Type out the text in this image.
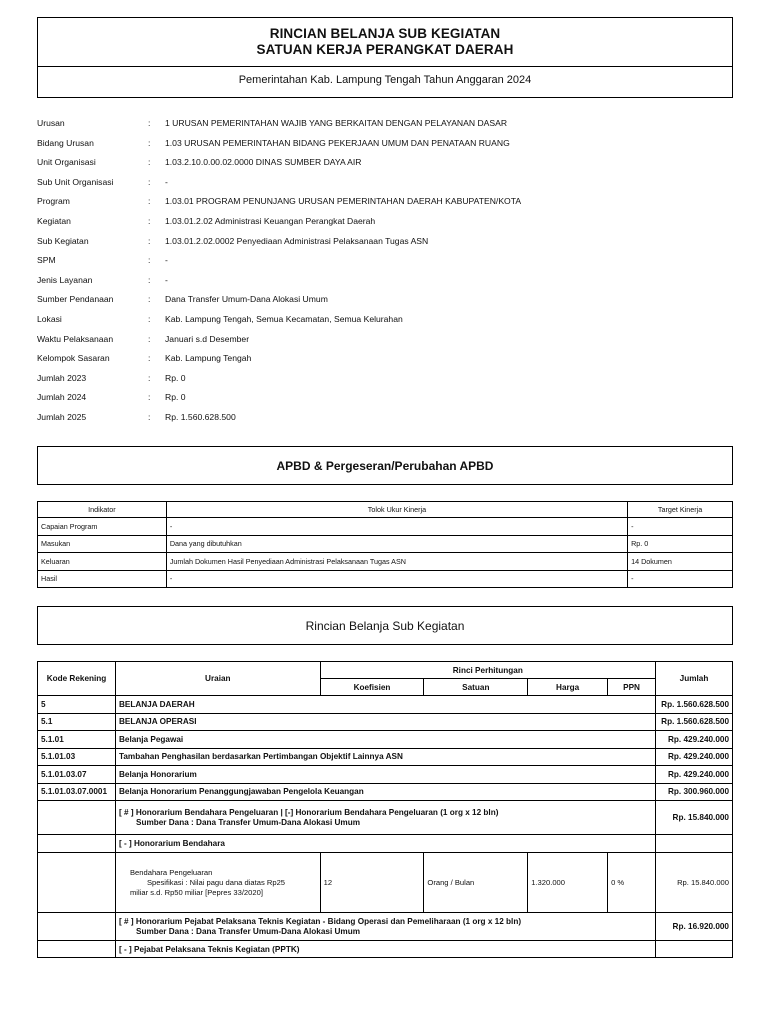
RINCIAN BELANJA SUB KEGIATAN
SATUAN KERJA PERANGKAT DAERAH
Pemerintahan Kab. Lampung Tengah Tahun Anggaran 2024
Urusan	: 1 URUSAN PEMERINTAHAN WAJIB YANG BERKAITAN DENGAN PELAYANAN DASAR
Bidang Urusan	: 1.03 URUSAN PEMERINTAHAN BIDANG PEKERJAAN UMUM DAN PENATAAN RUANG
Unit Organisasi	: 1.03.2.10.0.00.02.0000 DINAS SUMBER DAYA AIR
Sub Unit Organisasi	: -
Program	: 1.03.01 PROGRAM PENUNJANG URUSAN PEMERINTAHAN DAERAH KABUPATEN/KOTA
Kegiatan	: 1.03.01.2.02 Administrasi Keuangan Perangkat Daerah
Sub Kegiatan	: 1.03.01.2.02.0002 Penyediaan Administrasi Pelaksanaan Tugas ASN
SPM	: -
Jenis Layanan	: -
Sumber Pendanaan	: Dana Transfer Umum-Dana Alokasi Umum
Lokasi	: Kab. Lampung Tengah, Semua Kecamatan, Semua Kelurahan
Waktu Pelaksanaan	: Januari s.d Desember
Kelompok Sasaran	: Kab. Lampung Tengah
Jumlah 2023	: Rp. 0
Jumlah 2024	: Rp. 0
Jumlah 2025	: Rp. 1.560.628.500
APBD & Pergeseran/Perubahan APBD
Indikator	Tolok Ukur Kinerja	Target Kinerja
Capaian Program	-	-
Masukan	Dana yang dibutuhkan	Rp. 0
Keluaran	Jumlah Dokumen Hasil Penyediaan Administrasi Pelaksanaan Tugas ASN	14 Dokumen
Hasil	-	-
Rincian Belanja Sub Kegiatan
Kode Rekening	Uraian	Rinci Perhitungan				Jumlah
		Koefisien	Satuan	Harga	PPN	
5	BELANJA DAERAH					Rp. 1.560.628.500
5.1	BELANJA OPERASI					Rp. 1.560.628.500
5.1.01	Belanja Pegawai					Rp. 429.240.000
5.1.01.03	Tambahan Penghasilan berdasarkan Pertimbangan Objektif Lainnya ASN					Rp. 429.240.000
5.1.01.03.07	Belanja Honorarium					Rp. 429.240.000
5.1.01.03.07.0001	Belanja Honorarium Penanggungjawaban Pengelola Keuangan					Rp. 300.960.000
	[ # ] Honorarium Bendahara Pengeluaran | [-] Honorarium Bendahara Pengeluaran (1 org x 12 bln)
Sumber Dana : Dana Transfer Umum-Dana Alokasi Umum					Rp. 15.840.000
	[ - ] Honorarium Bendahara					
	Bendahara Pengeluaran
Spesifikasi : Nilai pagu dana diatas Rp25
miliar s.d. Rp50 miliar [Pepres 33/2020]	12	Orang / Bulan	1.320.000	0 %	Rp. 15.840.000
	[ # ] Honorarium Pejabat Pelaksana Teknis Kegiatan - Bidang Operasi dan Pemeliharaan (1 org x 12 bln)
Sumber Dana : Dana Transfer Umum-Dana Alokasi Umum					Rp. 16.920.000
	[ - ] Pejabat Pelaksana Teknis Kegiatan (PPTK)					
